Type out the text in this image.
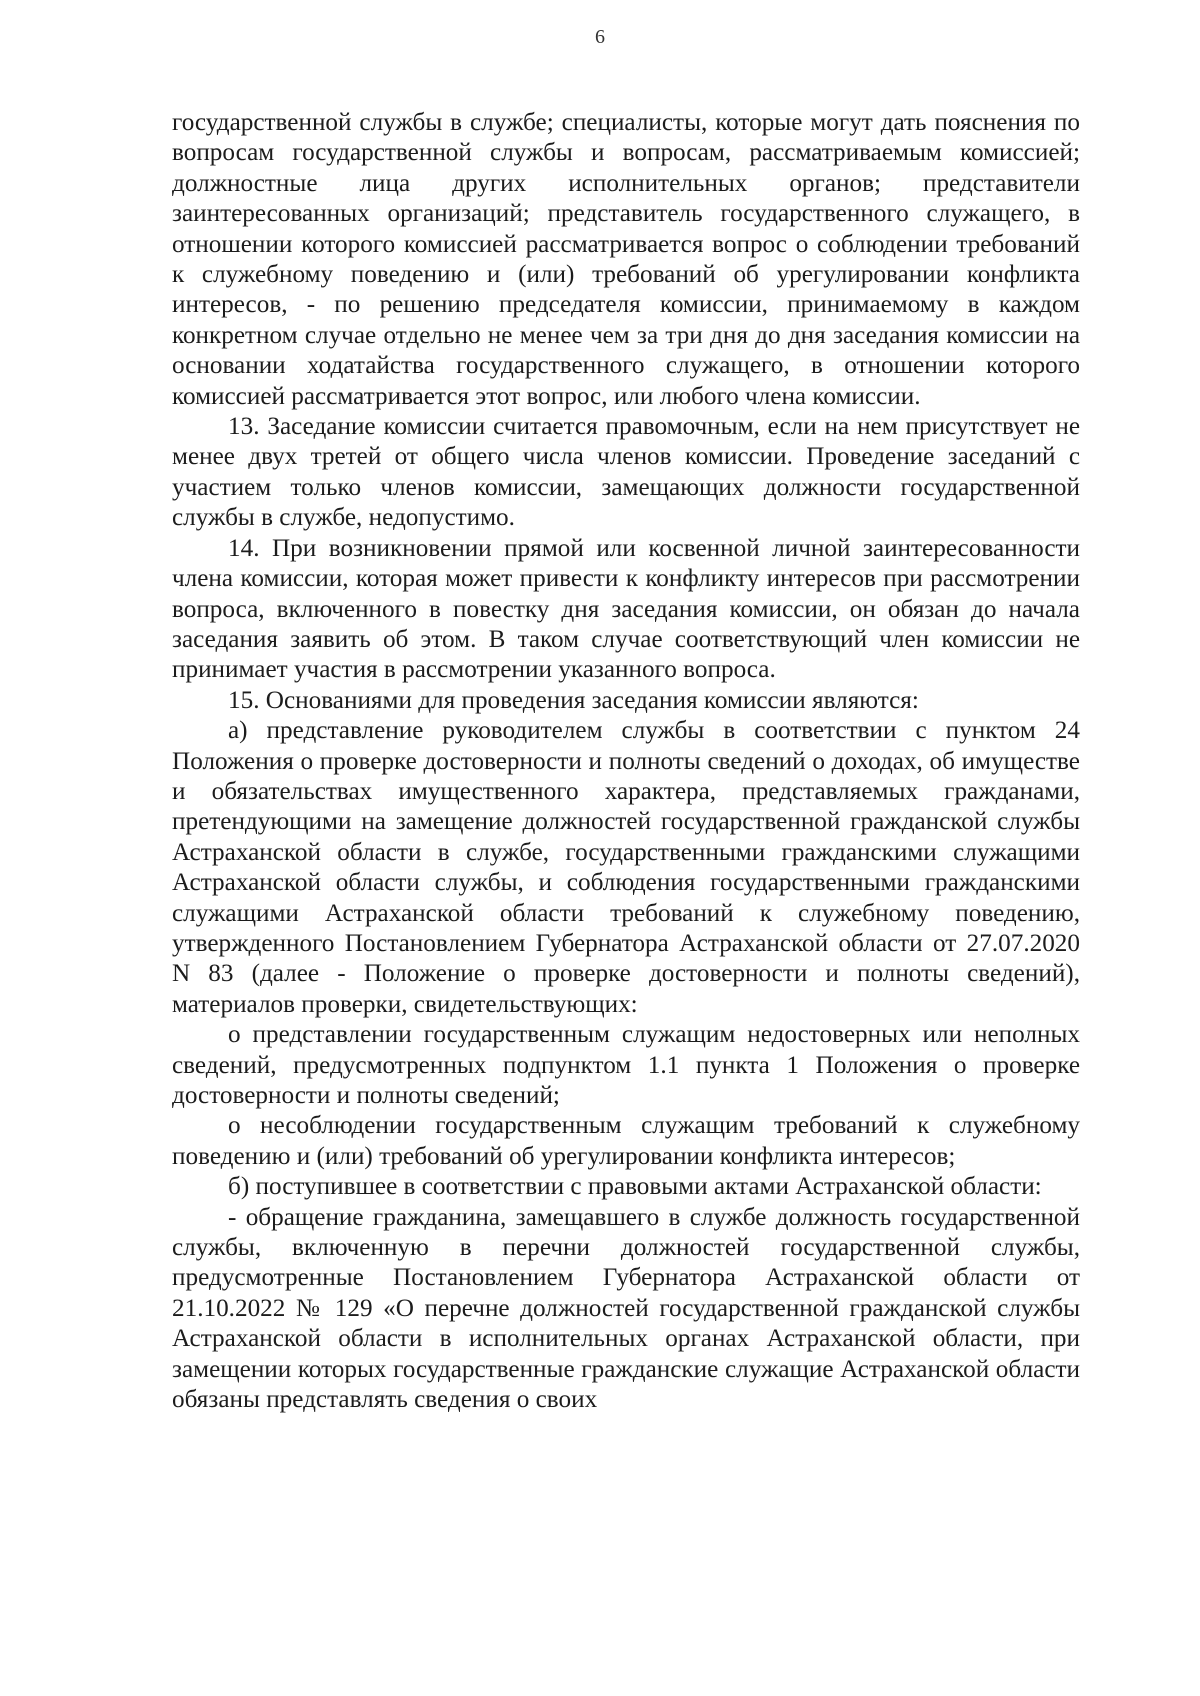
6

государственной службы в службе; специалисты, которые могут дать пояснения по вопросам государственной службы и вопросам, рассматриваемым комиссией; должностные лица других исполнительных органов; представители заинтересованных организаций; представитель государственного служащего, в отношении которого комиссией рассматривается вопрос о соблюдении требований к служебному поведению и (или) требований об урегулировании конфликта интересов, - по решению председателя комиссии, принимаемому в каждом конкретном случае отдельно не менее чем за три дня до дня заседания комиссии на основании ходатайства государственного служащего, в отношении которого комиссией рассматривается этот вопрос, или любого члена комиссии.

13. Заседание комиссии считается правомочным, если на нем присутствует не менее двух третей от общего числа членов комиссии. Проведение заседаний с участием только членов комиссии, замещающих должности государственной службы в службе, недопустимо.

14. При возникновении прямой или косвенной личной заинтересованности члена комиссии, которая может привести к конфликту интересов при рассмотрении вопроса, включенного в повестку дня заседания комиссии, он обязан до начала заседания заявить об этом. В таком случае соответствующий член комиссии не принимает участия в рассмотрении указанного вопроса.

15. Основаниями для проведения заседания комиссии являются:

а) представление руководителем службы в соответствии с пунктом 24 Положения о проверке достоверности и полноты сведений о доходах, об имуществе и обязательствах имущественного характера, представляемых гражданами, претендующими на замещение должностей государственной гражданской службы Астраханской области в службе, государственными гражданскими служащими Астраханской области службы, и соблюдения государственными гражданскими служащими Астраханской области требований к служебному поведению, утвержденного Постановлением Губернатора Астраханской области от 27.07.2020 N 83 (далее - Положение о проверке достоверности и полноты сведений), материалов проверки, свидетельствующих:

о представлении государственным служащим недостоверных или неполных сведений, предусмотренных подпунктом 1.1 пункта 1 Положения о проверке достоверности и полноты сведений;

о несоблюдении государственным служащим требований к служебному поведению и (или) требований об урегулировании конфликта интересов;

б) поступившее в соответствии с правовыми актами Астраханской области:

- обращение гражданина, замещавшего в службе должность государственной службы, включенную в перечни должностей государственной службы, предусмотренные Постановлением Губернатора Астраханской области от 21.10.2022 № 129 «О перечне должностей государственной гражданской службы Астраханской области в исполнительных органах Астраханской области, при замещении которых государственные гражданские служащие Астраханской области обязаны представлять сведения о своих
